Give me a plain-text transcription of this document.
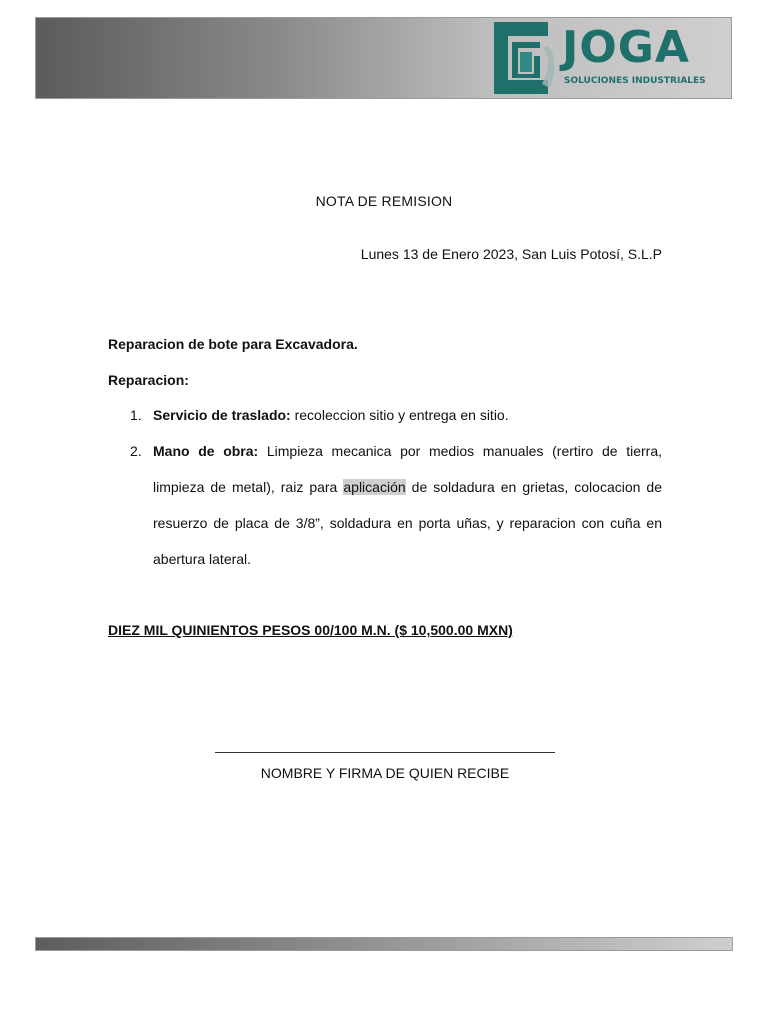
JOGA
SOLUCIONES INDUSTRIALES
NOTA DE REMISION
Lunes 13 de Enero 2023, San Luis Potosí, S.L.P
Reparacion de bote para Excavadora.
Reparacion:
1. Servicio de traslado: recoleccion sitio y entrega en sitio.
2. Mano de obra: Limpieza mecanica por medios manuales (rertiro de tierra, limpieza de metal), raiz para aplicación de soldadura en grietas, colocacion de resuerzo de placa de 3/8”, soldadura en porta uñas, y reparacion con cuña en abertura lateral.
DIEZ MIL QUINIENTOS PESOS 00/100 M.N. ($ 10,500.00 MXN)
NOMBRE Y FIRMA DE QUIEN RECIBE
